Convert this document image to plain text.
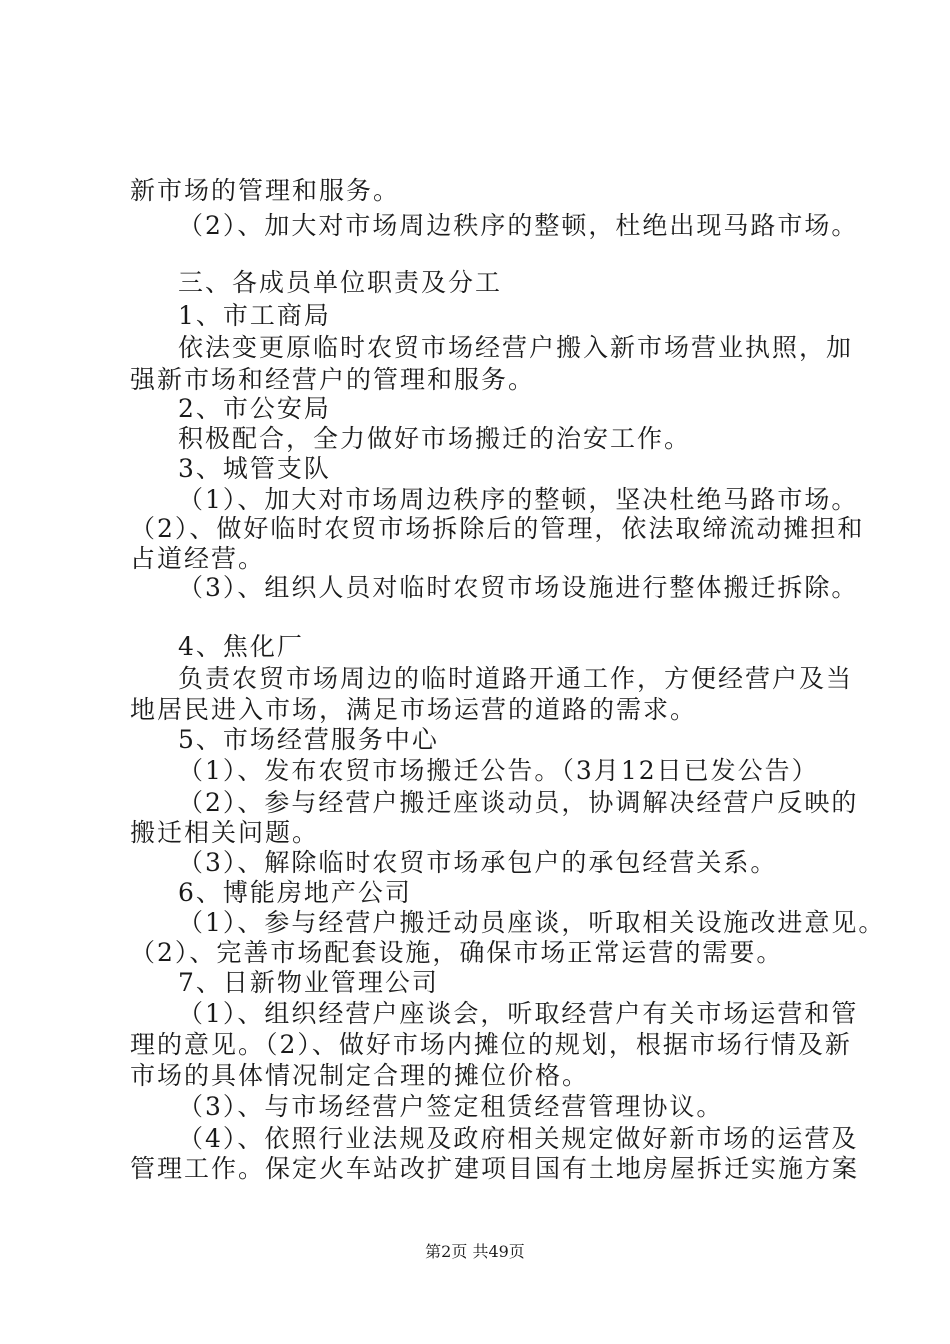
新市场的管理和服务。
（2）、加大对市场周边秩序的整顿，杜绝出现马路市场。
三、各成员单位职责及分工
1、市工商局
依法变更原临时农贸市场经营户搬入新市场营业执照，加
强新市场和经营户的管理和服务。
2、市公安局
积极配合，全力做好市场搬迁的治安工作。
3、城管支队
（1）、加大对市场周边秩序的整顿，坚决杜绝马路市场。
（2）、做好临时农贸市场拆除后的管理，依法取缔流动摊担和
占道经营。
（3）、组织人员对临时农贸市场设施进行整体搬迁拆除。
4、焦化厂
负责农贸市场周边的临时道路开通工作，方便经营户及当
地居民进入市场，满足市场运营的道路的需求。
5、市场经营服务中心
（1）、发布农贸市场搬迁公告。（3月12日已发公告）
（2）、参与经营户搬迁座谈动员，协调解决经营户反映的
搬迁相关问题。
（3）、解除临时农贸市场承包户的承包经营关系。
6、博能房地产公司
（1）、参与经营户搬迁动员座谈，听取相关设施改进意见。
（2）、完善市场配套设施，确保市场正常运营的需要。
7、日新物业管理公司
（1）、组织经营户座谈会，听取经营户有关市场运营和管
理的意见。（2）、做好市场内摊位的规划，根据市场行情及新
市场的具体情况制定合理的摊位价格。
（3）、与市场经营户签定租赁经营管理协议。
（4）、依照行业法规及政府相关规定做好新市场的运营及
管理工作。保定火车站改扩建项目国有土地房屋拆迁实施方案
第2页 共49页
